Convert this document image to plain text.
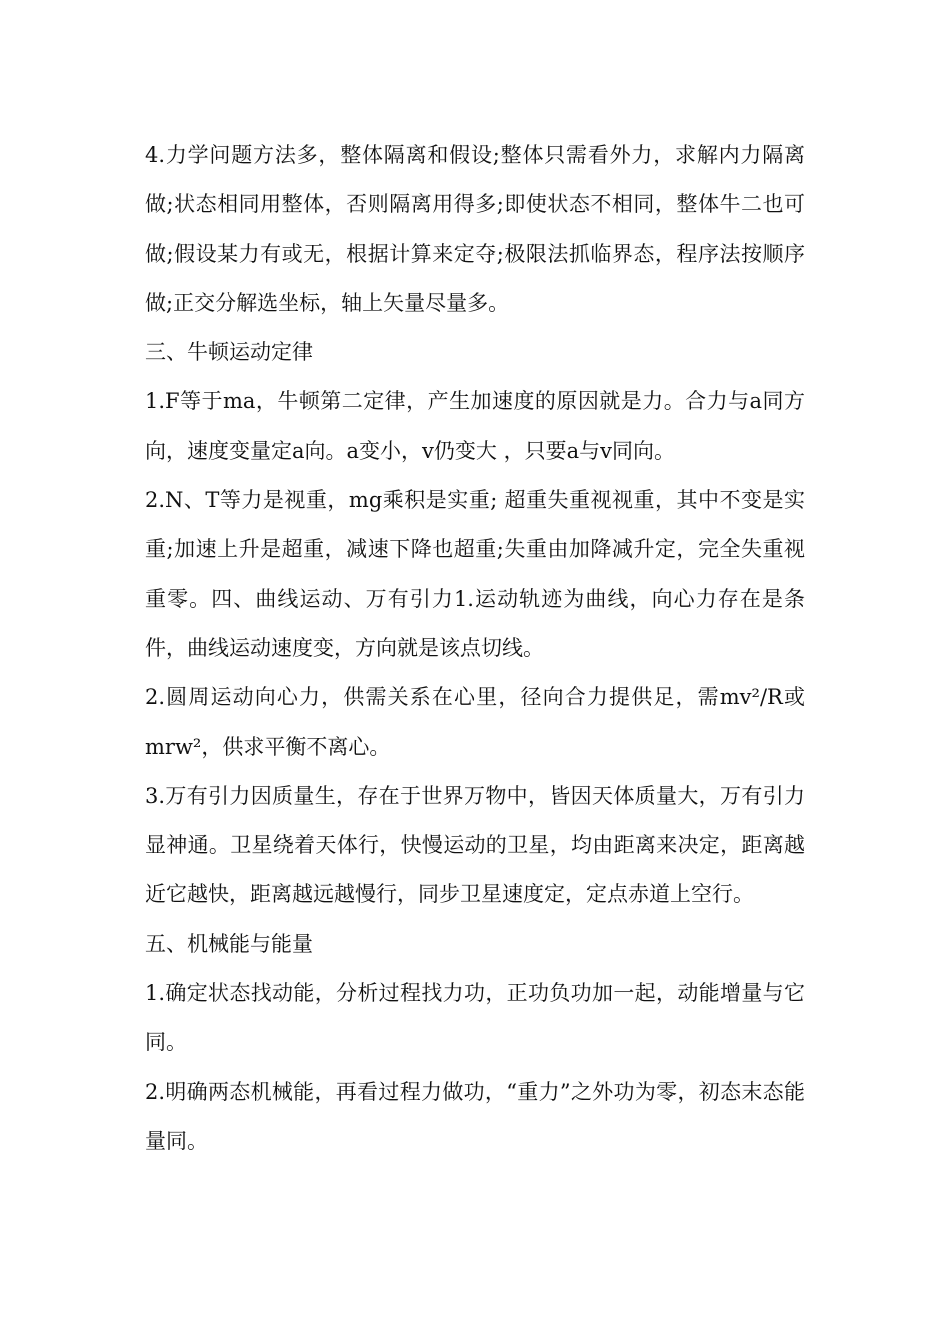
4.力学问题方法多，整体隔离和假设;整体只需看外力，求解内力隔离做;状态相同用整体，否则隔离用得多;即使状态不相同，整体牛二也可做;假设某力有或无，根据计算来定夺;极限法抓临界态，程序法按顺序做;正交分解选坐标，轴上矢量尽量多。

三、牛顿运动定律

1.F等于ma，牛顿第二定律，产生加速度的原因就是力。合力与a同方向，速度变量定a向。a变小，v仍变大 ，只要a与v同向。

2.N、T等力是视重，mg乘积是实重; 超重失重视视重，其中不变是实重;加速上升是超重，减速下降也超重;失重由加降减升定，完全失重视重零。四、曲线运动、万有引力1.运动轨迹为曲线，向心力存在是条件，曲线运动速度变，方向就是该点切线。

2.圆周运动向心力，供需关系在心里，径向合力提供足，需mv²/R或mrw²，供求平衡不离心。

3.万有引力因质量生，存在于世界万物中，皆因天体质量大，万有引力显神通。卫星绕着天体行，快慢运动的卫星，均由距离来决定，距离越近它越快，距离越远越慢行，同步卫星速度定，定点赤道上空行。

五、机械能与能量

1.确定状态找动能，分析过程找力功，正功负功加一起，动能增量与它同。

2.明确两态机械能，再看过程力做功，“重力”之外功为零，初态末态能量同。
